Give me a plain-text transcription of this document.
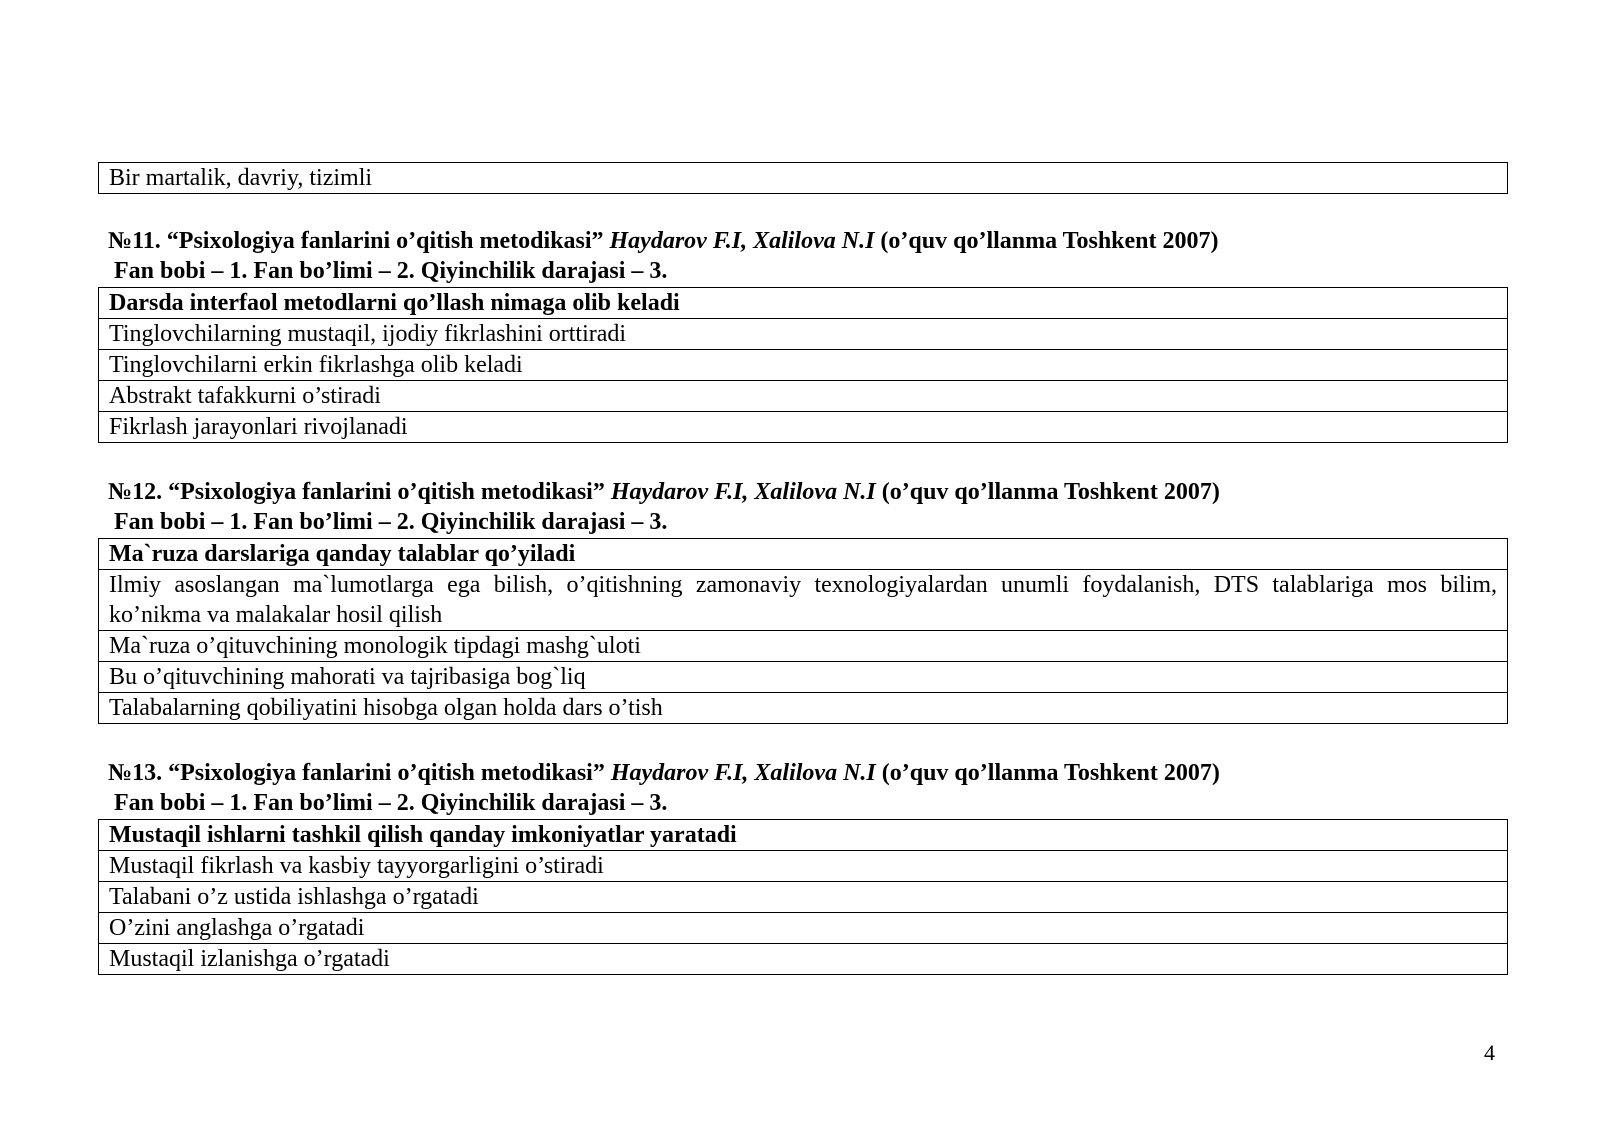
Bir martalik, davriy, tizimli
№11. “Psixologiya fanlarini o’qitish metodikasi” Haydarov F.I, Xalilova N.I (o’quv qo’llanma Toshkent 2007)
Fan bobi – 1. Fan bo’limi – 2. Qiyinchilik darajasi – 3.
Darsda interfaol metodlarni qo’llash nimaga olib keladi
Tinglovchilarning mustaqil, ijodiy fikrlashini orttiradi
Tinglovchilarni erkin fikrlashga olib keladi
Abstrakt tafakkurni o’stiradi
Fikrlash jarayonlari rivojlanadi
№12. “Psixologiya fanlarini o’qitish metodikasi” Haydarov F.I, Xalilova N.I (o’quv qo’llanma Toshkent 2007)
Fan bobi – 1. Fan bo’limi – 2. Qiyinchilik darajasi – 3.
Ma`ruza darslariga qanday talablar qo’yiladi
Ilmiy asoslangan ma`lumotlarga ega bilish, o’qitishning zamonaviy texnologiyalardan unumli foydalanish, DTS talablariga mos bilim, ko’nikma va malakalar hosil qilish
Ma`ruza o’qituvchining monologik tipdagi mashg`uloti
Bu o’qituvchining mahorati va tajribasiga bog`liq
Talabalarning qobiliyatini hisobga olgan holda dars o’tish
№13. “Psixologiya fanlarini o’qitish metodikasi” Haydarov F.I, Xalilova N.I (o’quv qo’llanma Toshkent 2007)
Fan bobi – 1. Fan bo’limi – 2. Qiyinchilik darajasi – 3.
Mustaqil ishlarni tashkil qilish qanday imkoniyatlar yaratadi
Mustaqil fikrlash va kasbiy tayyorgarligini o’stiradi
Talabani o’z ustida ishlashga o’rgatadi
O’zini anglashga o’rgatadi
Mustaqil izlanishga o’rgatadi
4
